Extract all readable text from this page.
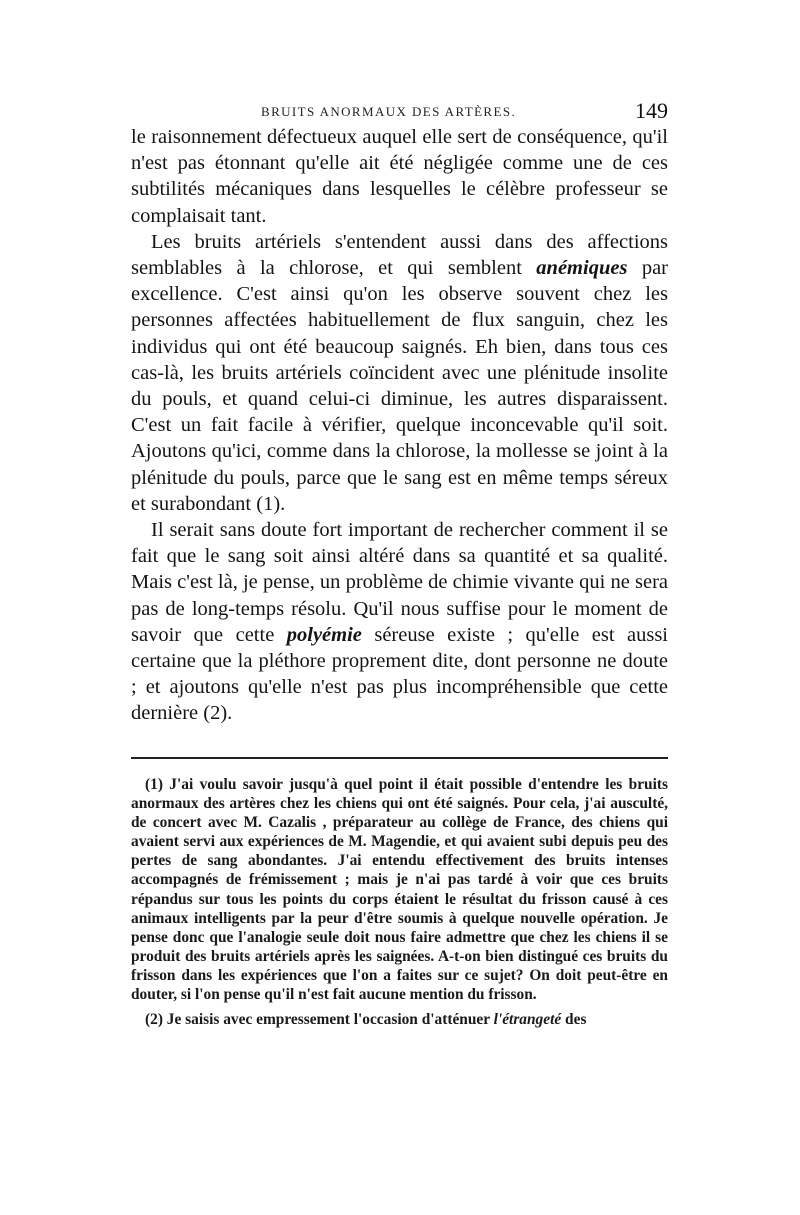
BRUITS ANORMAUX DES ARTÈRES.	149

le raisonnement défectueux auquel elle sert de conséquence, qu'il n'est pas étonnant qu'elle ait été négligée comme une de ces subtilités mécaniques dans lesquelles le célèbre professeur se complaisait tant.

Les bruits artériels s'entendent aussi dans des affections semblables à la chlorose, et qui semblent anémiques par excellence. C'est ainsi qu'on les observe souvent chez les personnes affectées habituellement de flux sanguin, chez les individus qui ont été beaucoup saignés. Eh bien, dans tous ces cas-là, les bruits artériels coïncident avec une plénitude insolite du pouls, et quand celui-ci diminue, les autres disparaissent. C'est un fait facile à vérifier, quelque inconcevable qu'il soit. Ajoutons qu'ici, comme dans la chlorose, la mollesse se joint à la plénitude du pouls, parce que le sang est en même temps séreux et surabondant (1).

Il serait sans doute fort important de rechercher comment il se fait que le sang soit ainsi altéré dans sa quantité et sa qualité. Mais c'est là, je pense, un problème de chimie vivante qui ne sera pas de long-temps résolu. Qu'il nous suffise pour le moment de savoir que cette polyémie séreuse existe ; qu'elle est aussi certaine que la pléthore proprement dite, dont personne ne doute ; et ajoutons qu'elle n'est pas plus incompréhensible que cette dernière (2).

(1) J'ai voulu savoir jusqu'à quel point il était possible d'entendre les bruits anormaux des artères chez les chiens qui ont été saignés. Pour cela, j'ai ausculté, de concert avec M. Cazalis , préparateur au collège de France, des chiens qui avaient servi aux expériences de M. Magendie, et qui avaient subi depuis peu des pertes de sang abondantes. J'ai entendu effectivement des bruits intenses accompagnés de frémissement ; mais je n'ai pas tardé à voir que ces bruits répandus sur tous les points du corps étaient le résultat du frisson causé à ces animaux intelligents par la peur d'être soumis à quelque nouvelle opération. Je pense donc que l'analogie seule doit nous faire admettre que chez les chiens il se produit des bruits artériels après les saignées. A-t-on bien distingué ces bruits du frisson dans les expériences que l'on a faites sur ce sujet? On doit peut-être en douter, si l'on pense qu'il n'est fait aucune mention du frisson.

(2) Je saisis avec empressement l'occasion d'atténuer l'étrangeté des
